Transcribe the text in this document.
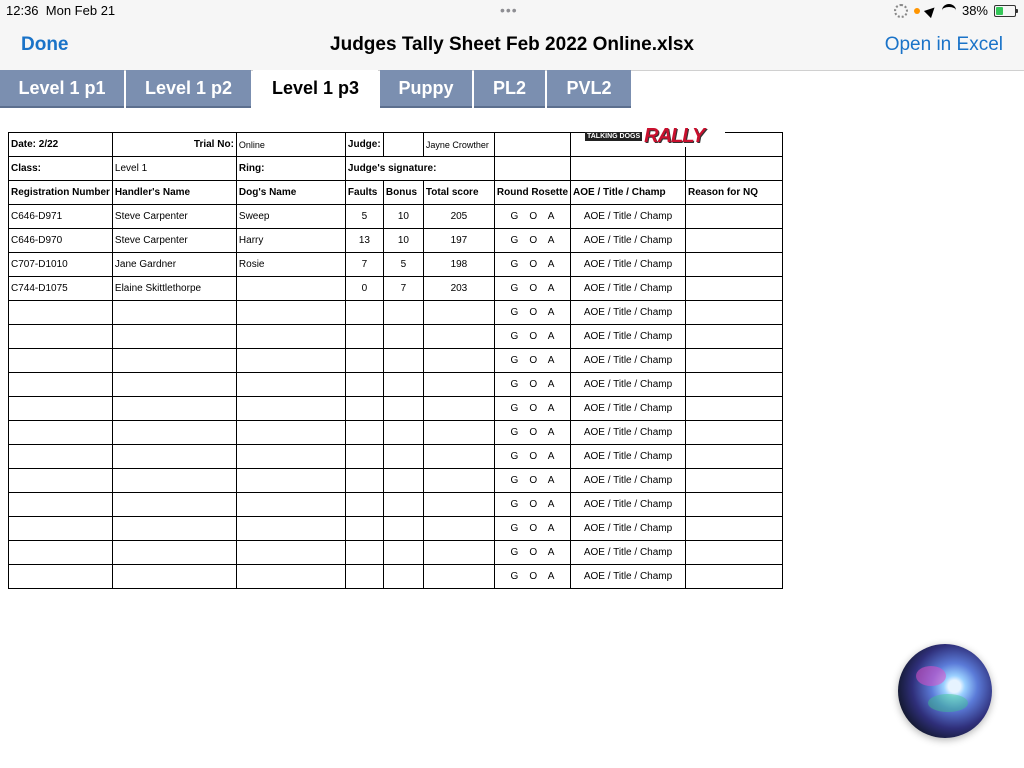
12:36 Mon Feb 21	•••	38%
Done	Judges Tally Sheet Feb 2022 Online.xlsx	Open in Excel
Level 1 p1 Level 1 p2 Level 1 p3 Puppy PL2 PVL2
Date: 2/22	Trial No:	Online	Judge:		Jayne Crowther			
Class:	Level 1	Ring:	Judge's signature:					
Registration Number	Handler's Name	Dog's Name	Faults	Bonus	Total score	Round Rosette	AOE / Title / Champ	Reason for NQ
C646-D971	Steve Carpenter	Sweep	5	10	205	G    O    A	AOE / Title / Champ	
C646-D970	Steve Carpenter	Harry	13	10	197	G    O    A	AOE / Title / Champ	
C707-D1010	Jane Gardner	Rosie	7	5	198	G    O    A	AOE / Title / Champ	
C744-D1075	Elaine Skittlethorpe		0	7	203	G    O    A	AOE / Title / Champ	
						G    O    A	AOE / Title / Champ	
						G    O    A	AOE / Title / Champ	
						G    O    A	AOE / Title / Champ	
						G    O    A	AOE / Title / Champ	
						G    O    A	AOE / Title / Champ	
						G    O    A	AOE / Title / Champ	
						G    O    A	AOE / Title / Champ	
						G    O    A	AOE / Title / Champ	
						G    O    A	AOE / Title / Champ	
						G    O    A	AOE / Title / Champ	
						G    O    A	AOE / Title / Champ	
						G    O    A	AOE / Title / Champ	
TALKING DOGS RALLY
